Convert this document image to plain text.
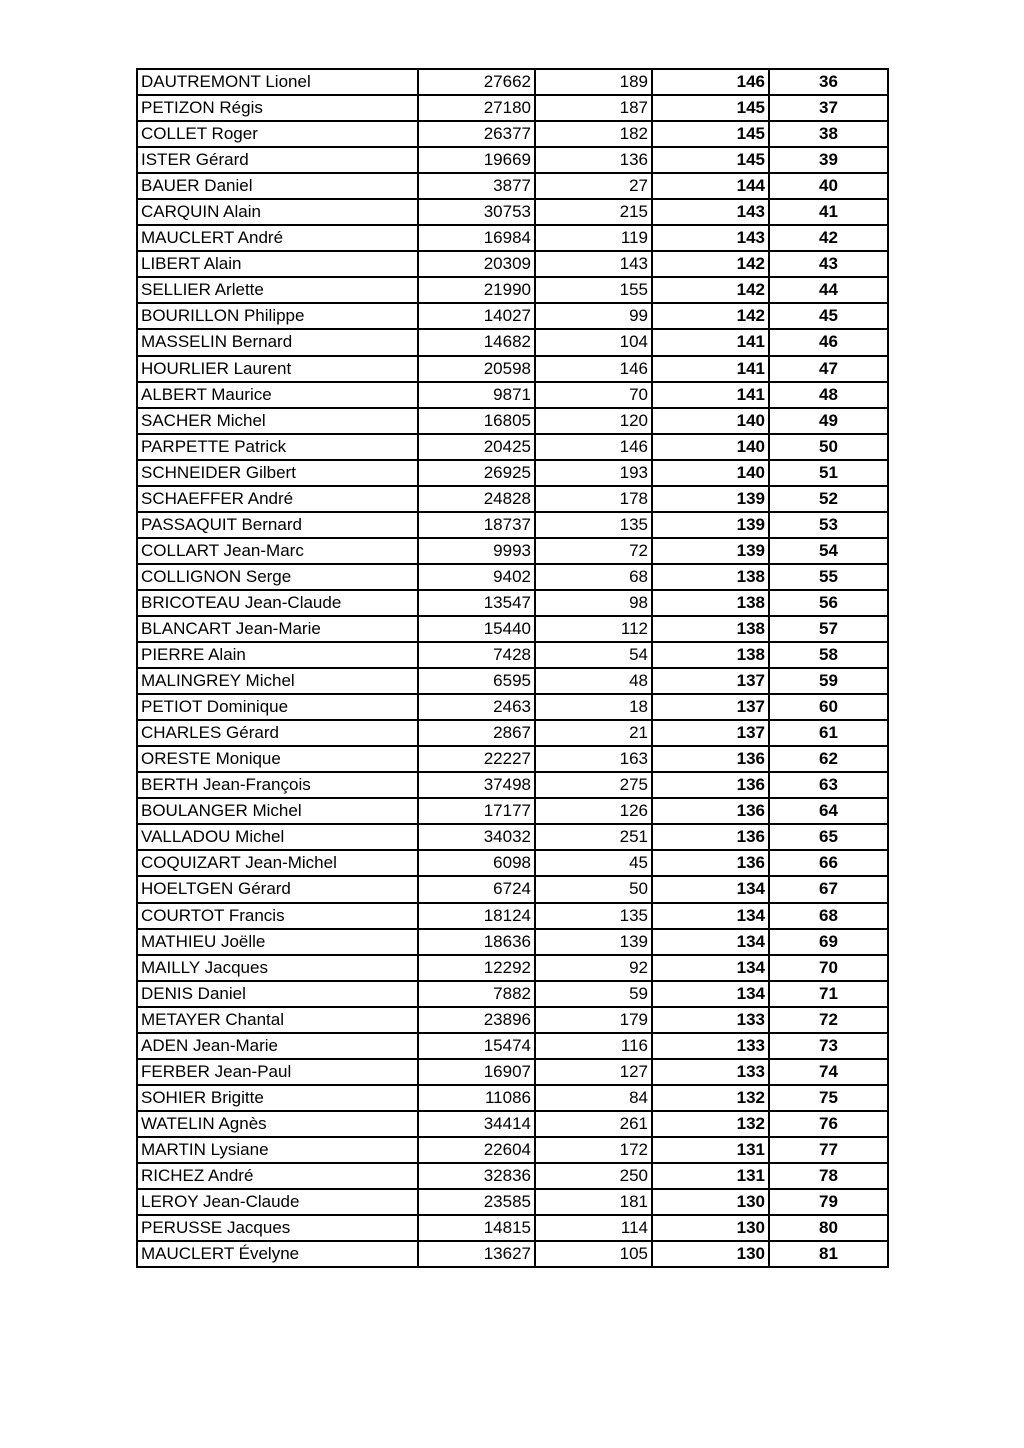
DAUTREMONT Lionel	27662	189	146	36
PETIZON Régis	27180	187	145	37
COLLET Roger	26377	182	145	38
ISTER Gérard	19669	136	145	39
BAUER Daniel	3877	27	144	40
CARQUIN Alain	30753	215	143	41
MAUCLERT André	16984	119	143	42
LIBERT Alain	20309	143	142	43
SELLIER Arlette	21990	155	142	44
BOURILLON Philippe	14027	99	142	45
MASSELIN Bernard	14682	104	141	46
HOURLIER Laurent	20598	146	141	47
ALBERT Maurice	9871	70	141	48
SACHER Michel	16805	120	140	49
PARPETTE Patrick	20425	146	140	50
SCHNEIDER Gilbert	26925	193	140	51
SCHAEFFER André	24828	178	139	52
PASSAQUIT Bernard	18737	135	139	53
COLLART Jean-Marc	9993	72	139	54
COLLIGNON Serge	9402	68	138	55
BRICOTEAU Jean-Claude	13547	98	138	56
BLANCART Jean-Marie	15440	112	138	57
PIERRE Alain	7428	54	138	58
MALINGREY Michel	6595	48	137	59
PETIOT Dominique	2463	18	137	60
CHARLES Gérard	2867	21	137	61
ORESTE Monique	22227	163	136	62
BERTH Jean-François	37498	275	136	63
BOULANGER Michel	17177	126	136	64
VALLADOU Michel	34032	251	136	65
COQUIZART Jean-Michel	6098	45	136	66
HOELTGEN Gérard	6724	50	134	67
COURTOT Francis	18124	135	134	68
MATHIEU Joëlle	18636	139	134	69
MAILLY Jacques	12292	92	134	70
DENIS Daniel	7882	59	134	71
METAYER Chantal	23896	179	133	72
ADEN Jean-Marie	15474	116	133	73
FERBER Jean-Paul	16907	127	133	74
SOHIER Brigitte	11086	84	132	75
WATELIN Agnès	34414	261	132	76
MARTIN Lysiane	22604	172	131	77
RICHEZ André	32836	250	131	78
LEROY Jean-Claude	23585	181	130	79
PERUSSE Jacques	14815	114	130	80
MAUCLERT Évelyne	13627	105	130	81
